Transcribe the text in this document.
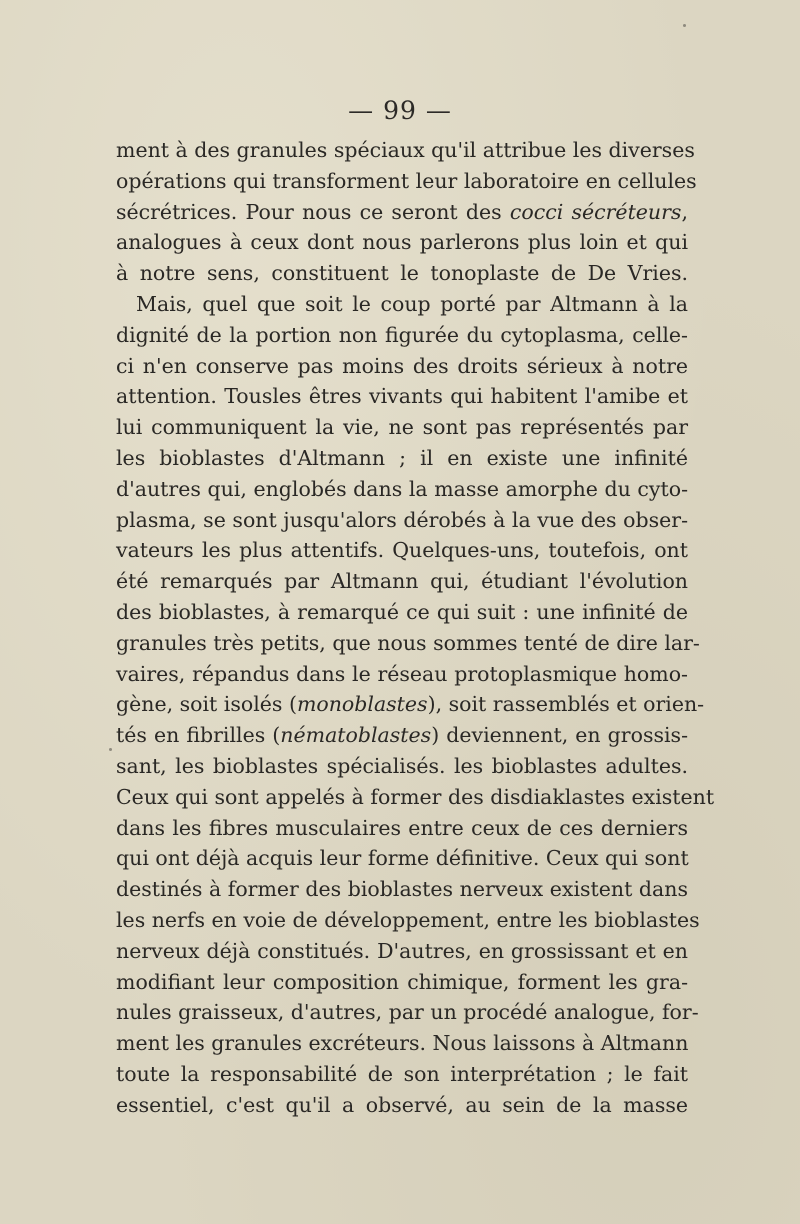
— 99 —
ment à des granules spéciaux qu'il attribue les diverses
opérations qui transforment leur laboratoire en cellules
sécrétrices. Pour nous ce seront des cocci sécréteurs,
analogues à ceux dont nous parlerons plus loin et qui
à notre sens, constituent le tonoplaste de De Vries.
Mais, quel que soit le coup porté par Altmann à la
dignité de la portion non figurée du cytoplasma, celle-
ci n'en conserve pas moins des droits sérieux à notre
attention. Tousles êtres vivants qui habitent l'amibe et
lui communiquent la vie, ne sont pas représentés par
les bioblastes d'Altmann ; il en existe une infinité
d'autres qui, englobés dans la masse amorphe du cyto-
plasma, se sont jusqu'alors dérobés à la vue des obser-
vateurs les plus attentifs. Quelques-uns, toutefois, ont
été remarqués par Altmann qui, étudiant l'évolution
des bioblastes, à remarqué ce qui suit : une infinité de
granules très petits, que nous sommes tenté de dire lar-
vaires, répandus dans le réseau protoplasmique homo-
gène, soit isolés (monoblastes), soit rassemblés et orien-
tés en fibrilles (nématoblastes) deviennent, en grossis-
sant, les bioblastes spécialisés. les bioblastes adultes.
Ceux qui sont appelés à former des disdiaklastes existent
dans les fibres musculaires entre ceux de ces derniers
qui ont déjà acquis leur forme définitive. Ceux qui sont
destinés à former des bioblastes nerveux existent dans
les nerfs en voie de développement, entre les bioblastes
nerveux déjà constitués. D'autres, en grossissant et en
modifiant leur composition chimique, forment les gra-
nules graisseux, d'autres, par un procédé analogue, for-
ment les granules excréteurs. Nous laissons à Altmann
toute la responsabilité de son interprétation ; le fait
essentiel, c'est qu'il a observé, au sein de la masse
